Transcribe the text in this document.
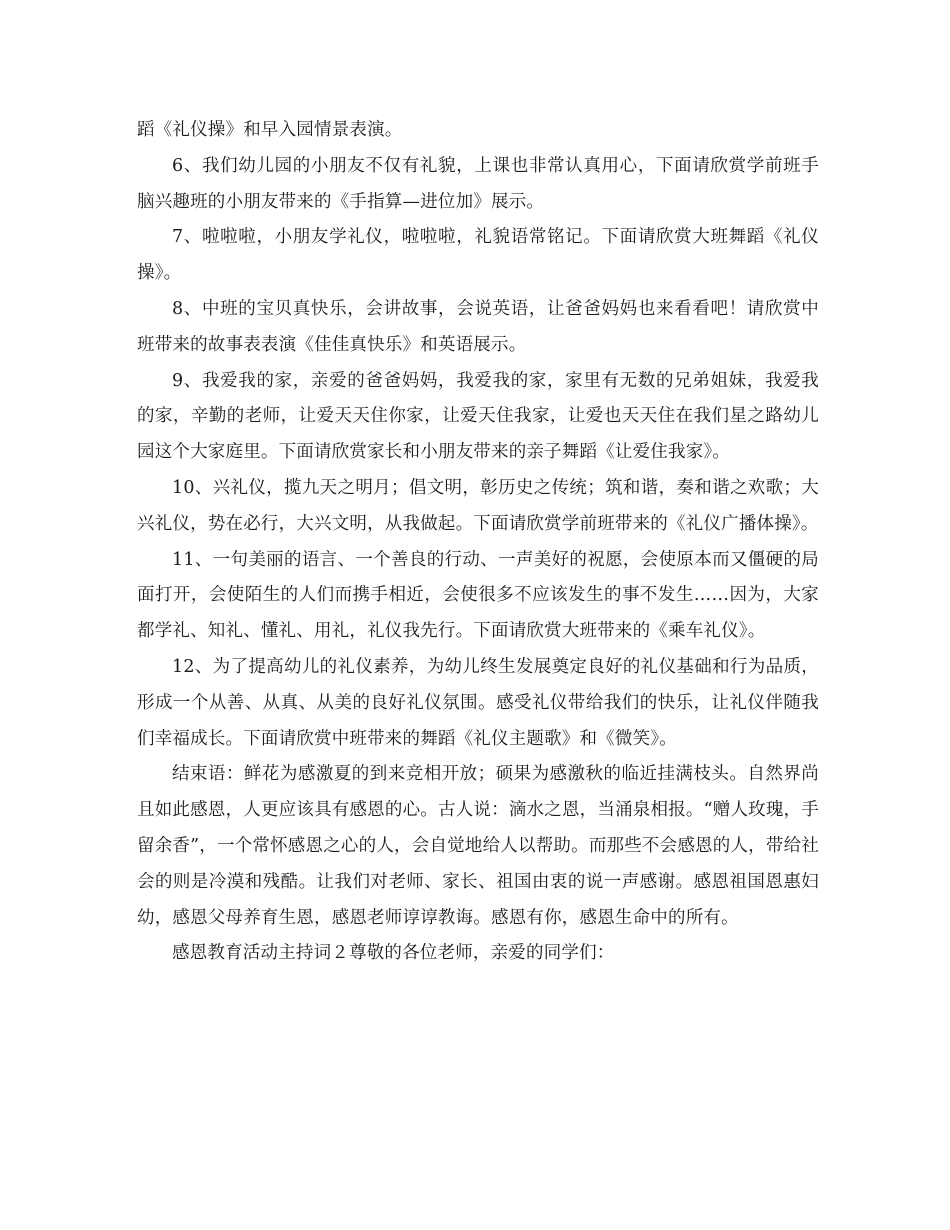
蹈《礼仪操》和早入园情景表演。

6、我们幼儿园的小朋友不仅有礼貌，上课也非常认真用心，下面请欣赏学前班手脑兴趣班的小朋友带来的《手指算—进位加》展示。

7、啦啦啦，小朋友学礼仪，啦啦啦，礼貌语常铭记。下面请欣赏大班舞蹈《礼仪操》。

8、中班的宝贝真快乐，会讲故事，会说英语，让爸爸妈妈也来看看吧！请欣赏中班带来的故事表表演《佳佳真快乐》和英语展示。

9、我爱我的家，亲爱的爸爸妈妈，我爱我的家，家里有无数的兄弟姐妹，我爱我的家，辛勤的老师，让爱天天住你家，让爱天住我家，让爱也天天住在我们星之路幼儿园这个大家庭里。下面请欣赏家长和小朋友带来的亲子舞蹈《让爱住我家》。

10、兴礼仪，揽九天之明月；倡文明，彰历史之传统；筑和谐，奏和谐之欢歌；大兴礼仪，势在必行，大兴文明，从我做起。下面请欣赏学前班带来的《礼仪广播体操》。

11、一句美丽的语言、一个善良的行动、一声美好的祝愿，会使原本而又僵硬的局面打开，会使陌生的人们而携手相近，会使很多不应该发生的事不发生……因为，大家都学礼、知礼、懂礼、用礼，礼仪我先行。下面请欣赏大班带来的《乘车礼仪》。

12、为了提高幼儿的礼仪素养，为幼儿终生发展奠定良好的礼仪基础和行为品质，形成一个从善、从真、从美的良好礼仪氛围。感受礼仪带给我们的快乐，让礼仪伴随我们幸福成长。下面请欣赏中班带来的舞蹈《礼仪主题歌》和《微笑》。

结束语：鲜花为感激夏的到来竞相开放；硕果为感激秋的临近挂满枝头。自然界尚且如此感恩，人更应该具有感恩的心。古人说：滴水之恩，当涌泉相报。“赠人玫瑰，手留余香”，一个常怀感恩之心的人，会自觉地给人以帮助。而那些不会感恩的人，带给社会的则是冷漠和残酷。让我们对老师、家长、祖国由衷的说一声感谢。感恩祖国恩惠妇幼，感恩父母养育生恩，感恩老师谆谆教诲。感恩有你，感恩生命中的所有。

感恩教育活动主持词２尊敬的各位老师，亲爱的同学们：
